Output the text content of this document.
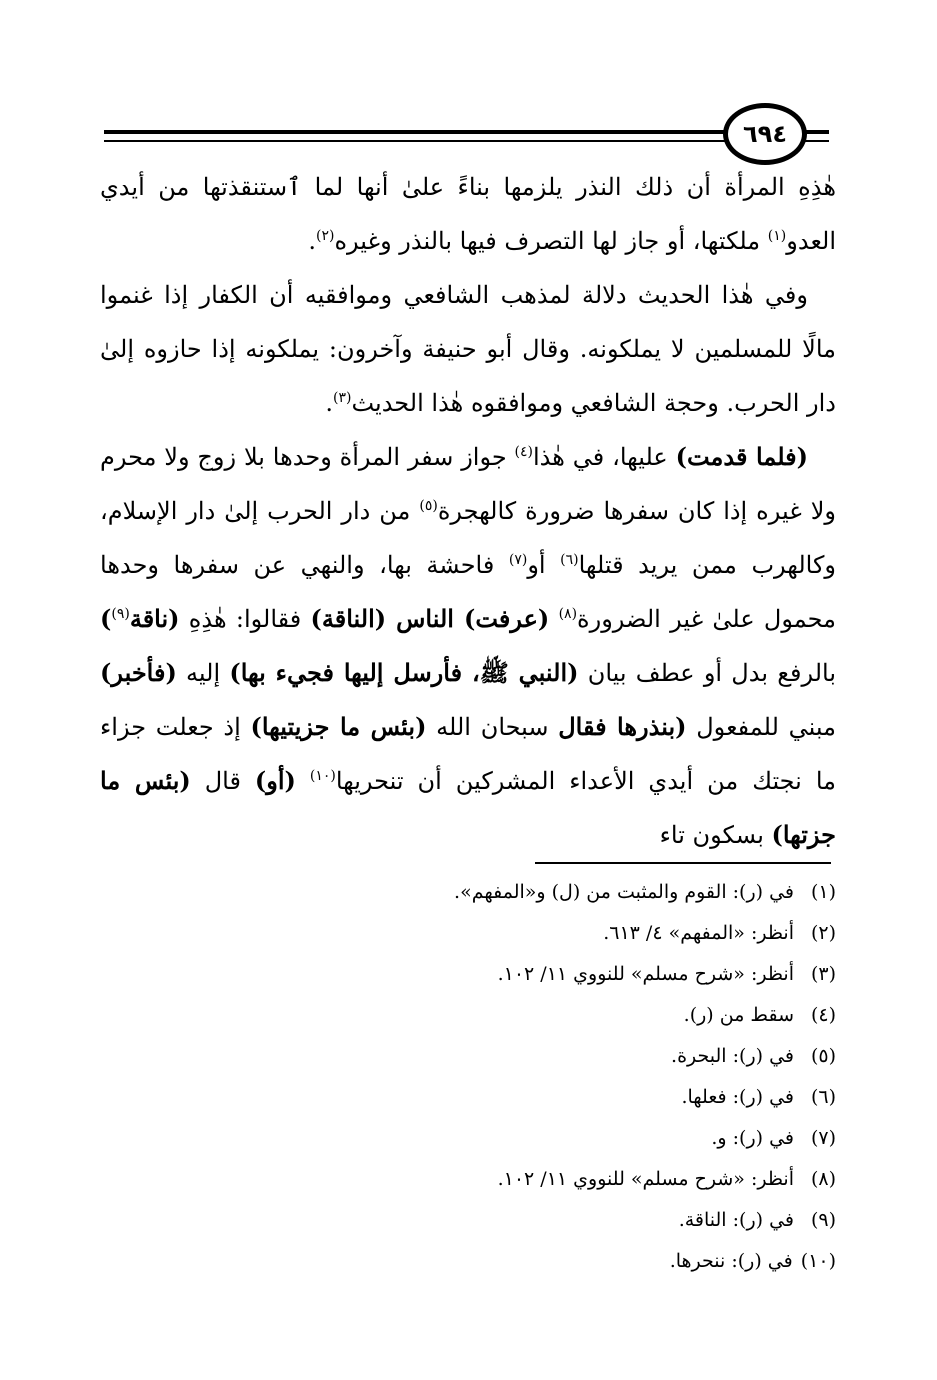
٦٩٤

هٰذِهِ المرأة أن ذلك النذر يلزمها بناءً علىٰ أنها لما ٱستنقذتها من أيدي العدو$^{(١)}$ ملكتها، أو جاز لها التصرف فيها بالنذر وغيره$^{(٢)}$.

وفي هٰذا الحديث دلالة لمذهب الشافعي وموافقيه أن الكفار إذا غنموا مالًا للمسلمين لا يملكونه. وقال أبو حنيفة وآخرون: يملكونه إذا حازوه إلىٰ دار الحرب. وحجة الشافعي وموافقوه هٰذا الحديث$^{(٣)}$.

(فلما قدمت) عليها، في هٰذا$^{(٤)}$ جواز سفر المرأة وحدها بلا زوج ولا محرم ولا غيره إذا كان سفرها ضرورة كالهجرة$^{(٥)}$ من دار الحرب إلىٰ دار الإسلام، وكالهرب ممن يريد قتلها$^{(٦)}$ أو$^{(٧)}$ فاحشة بها، والنهي عن سفرها وحدها محمول علىٰ غير الضرورة$^{(٨)}$ (عرفت) الناس (الناقة) فقالوا: هٰذِهِ (ناقة$^{(٩)}$) بالرفع بدل أو عطف بيان (النبي ﷺ، فأرسل إليها فجيء بها) إليه (فأخبر) مبني للمفعول (بنذرها فقال سبحان الله (بئس ما جزيتيها) إذ جعلت جزاء ما نجتك من أيدي الأعداء المشركين أن تنحريها$^{(١٠)}$ (أو) قال (بئس ما جزتها) بسكون تاء

(١)
في (ر): القوم والمثبت من (ل) و«المفهم».
(٢)
أنظر: «المفهم» ٤/ ٦١٣.
(٣)
أنظر: «شرح مسلم» للنووي ١١/ ١٠٢.
(٤)
سقط من (ر).
(٥)
في (ر): البحرة.
(٦)
في (ر): فعلها.
(٧)
في (ر): و.
(٨)
أنظر: «شرح مسلم» للنووي ١١/ ١٠٢.
(٩)
في (ر): الناقة.
(١٠)
في (ر): ننحرها.
